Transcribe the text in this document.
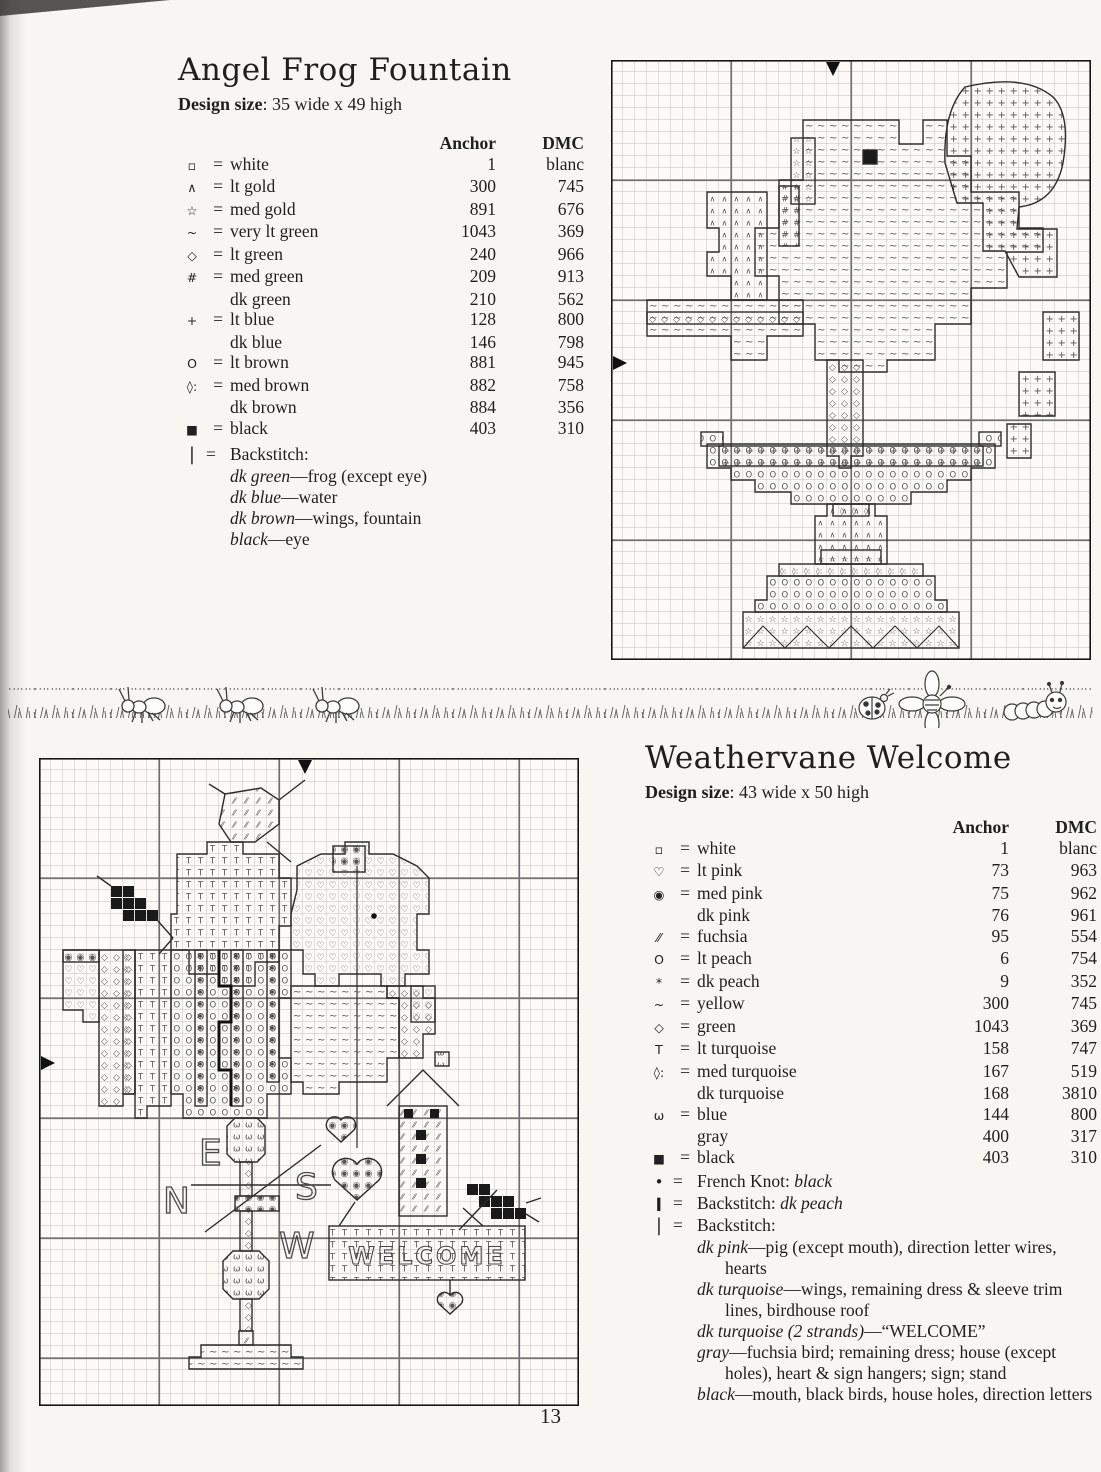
Angel Frog Fountain
Design size: 35 wide x 49 high
Anchor	DMC
▫ = white	1	blanc
∧ = lt gold	300	745
☆ = med gold	891	676
~ = very lt green	1043	369
◇ = lt green	240	966
# = med green	209	913
dk green	210	562
+ = lt blue	128	800
dk blue	146	798
O = lt brown	881	945
◊: = med brown	882	758
dk brown	884	356
■ = black	403	310
| = Backstitch:

dk green—frog (except eye)

dk blue—water

dk brown—wings, fountain

black—eye

E
N	S
W WELCOME
Weathervane Welcome
Design size: 43 wide x 50 high
Anchor	DMC
▫ = white	1	blanc
♡ = lt pink	73	963
◉ = med pink	75	962
dk pink	76	961
⁄⁄	= fuchsia	95	554
O = lt peach	6	754
*	= dk peach	9	352
~ = yellow	300	745
◇ = green	1043	369
T = lt turquoise	158	747
◊: = med turquoise	167	519
dk turquoise	168	3810
ω = blue	144	800
gray	400	317
■ = black	403	310
• = French Knot: black
▮ = Backstitch: dk peach
| = Backstitch:

dk pink—pig (except mouth), direction letter wires, hearts

dk turquoise—wings, remaining dress & sleeve trim lines, birdhouse roof

dk turquoise (2 strands)—“WELCOME”

gray—fuchsia bird; remaining dress; house (except holes), heart & sign hangers; sign; stand

black—mouth, black birds, house holes, direction letters

13
